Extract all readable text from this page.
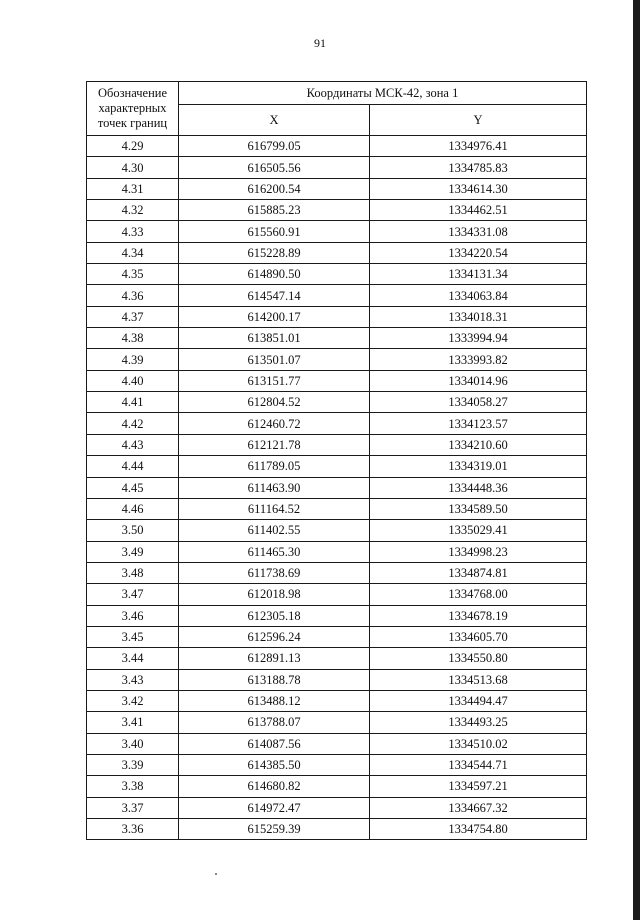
91
Обозначение характерных точек границ	Координаты МСК-42, зона 1	
	X	Y
4.29	616799.05	1334976.41
4.30	616505.56	1334785.83
4.31	616200.54	1334614.30
4.32	615885.23	1334462.51
4.33	615560.91	1334331.08
4.34	615228.89	1334220.54
4.35	614890.50	1334131.34
4.36	614547.14	1334063.84
4.37	614200.17	1334018.31
4.38	613851.01	1333994.94
4.39	613501.07	1333993.82
4.40	613151.77	1334014.96
4.41	612804.52	1334058.27
4.42	612460.72	1334123.57
4.43	612121.78	1334210.60
4.44	611789.05	1334319.01
4.45	611463.90	1334448.36
4.46	611164.52	1334589.50
3.50	611402.55	1335029.41
3.49	611465.30	1334998.23
3.48	611738.69	1334874.81
3.47	612018.98	1334768.00
3.46	612305.18	1334678.19
3.45	612596.24	1334605.70
3.44	612891.13	1334550.80
3.43	613188.78	1334513.68
3.42	613488.12	1334494.47
3.41	613788.07	1334493.25
3.40	614087.56	1334510.02
3.39	614385.50	1334544.71
3.38	614680.82	1334597.21
3.37	614972.47	1334667.32
3.36	615259.39	1334754.80
